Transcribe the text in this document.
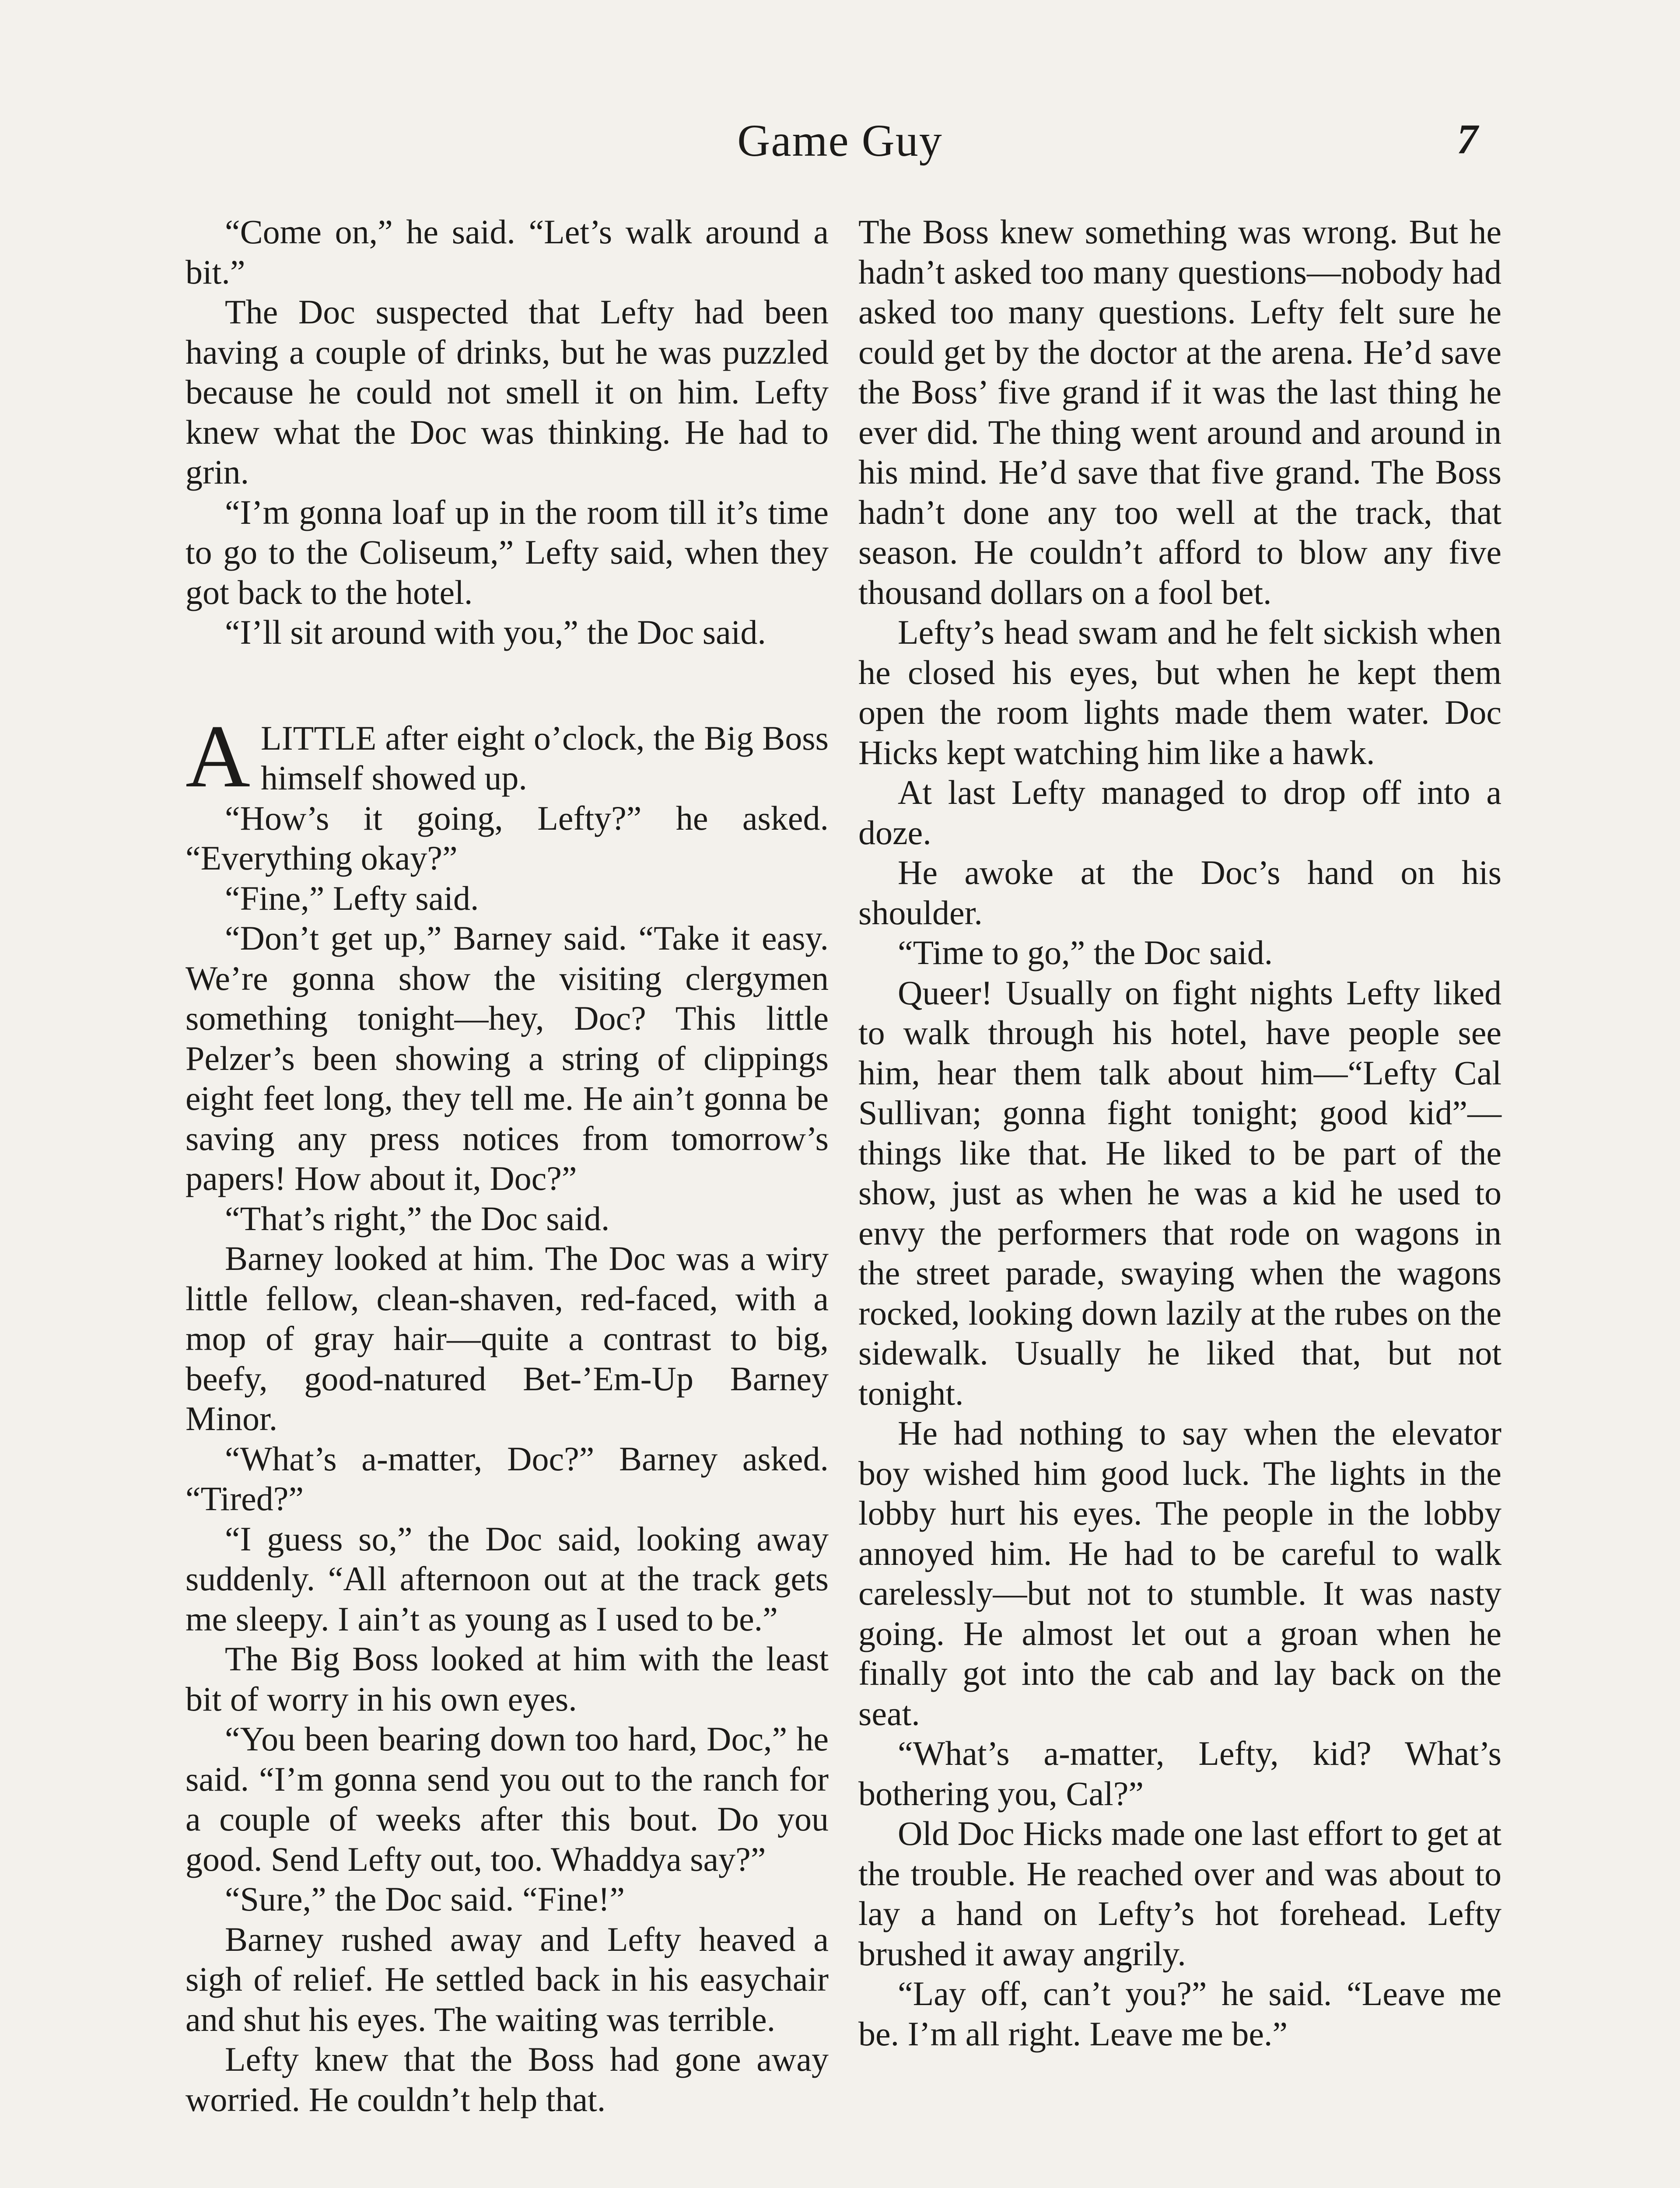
Game Guy	7

“Come on,” he said. “Let’s walk around a bit.”

The Doc suspected that Lefty had been having a couple of drinks, but he was puzzled because he could not smell it on him. Lefty knew what the Doc was thinking. He had to grin.

“I’m gonna loaf up in the room till it’s time to go to the Coliseum,” Lefty said, when they got back to the hotel.

“I’ll sit around with you,” the Doc said.

ALITTLE after eight o’clock, the Big Boss himself showed up.

“How’s it going, Lefty?” he asked. “Everything okay?”

“Fine,” Lefty said.

“Don’t get up,” Barney said. “Take it easy. We’re gonna show the visiting clergymen something tonight—hey, Doc? This little Pelzer’s been showing a string of clippings eight feet long, they tell me. He ain’t gonna be saving any press notices from tomorrow’s papers! How about it, Doc?”

“That’s right,” the Doc said.

Barney looked at him. The Doc was a wiry little fellow, clean-shaven, red-faced, with a mop of gray hair—quite a contrast to big, beefy, good-natured Bet-’Em-Up Barney Minor.

“What’s a-matter, Doc?” Barney asked. “Tired?”

“I guess so,” the Doc said, looking away suddenly. “All afternoon out at the track gets me sleepy. I ain’t as young as I used to be.”

The Big Boss looked at him with the least bit of worry in his own eyes.

“You been bearing down too hard, Doc,” he said. “I’m gonna send you out to the ranch for a couple of weeks after this bout. Do you good. Send Lefty out, too. Whaddya say?”

“Sure,” the Doc said. “Fine!”

Barney rushed away and Lefty heaved a sigh of relief. He settled back in his easychair and shut his eyes. The waiting was terrible.

Lefty knew that the Boss had gone away worried. He couldn’t help that.

The Boss knew something was wrong. But he hadn’t asked too many questions—nobody had asked too many questions. Lefty felt sure he could get by the doctor at the arena. He’d save the Boss’ five grand if it was the last thing he ever did. The thing went around and around in his mind. He’d save that five grand. The Boss hadn’t done any too well at the track, that season. He couldn’t afford to blow any five thousand dollars on a fool bet.

Lefty’s head swam and he felt sickish when he closed his eyes, but when he kept them open the room lights made them water. Doc Hicks kept watching him like a hawk.

At last Lefty managed to drop off into a doze.

He awoke at the Doc’s hand on his shoulder.

“Time to go,” the Doc said.

Queer! Usually on fight nights Lefty liked to walk through his hotel, have people see him, hear them talk about him—“Lefty Cal Sullivan; gonna fight tonight; good kid”—things like that. He liked to be part of the show, just as when he was a kid he used to envy the performers that rode on wagons in the street parade, swaying when the wagons rocked, looking down lazily at the rubes on the sidewalk. Usually he liked that, but not tonight.

He had nothing to say when the elevator boy wished him good luck. The lights in the lobby hurt his eyes. The people in the lobby annoyed him. He had to be careful to walk carelessly—but not to stumble. It was nasty going. He almost let out a groan when he finally got into the cab and lay back on the seat.

“What’s a-matter, Lefty, kid? What’s bothering you, Cal?”

Old Doc Hicks made one last effort to get at the trouble. He reached over and was about to lay a hand on Lefty’s hot forehead. Lefty brushed it away angrily.

“Lay off, can’t you?” he said. “Leave me be. I’m all right. Leave me be.”
